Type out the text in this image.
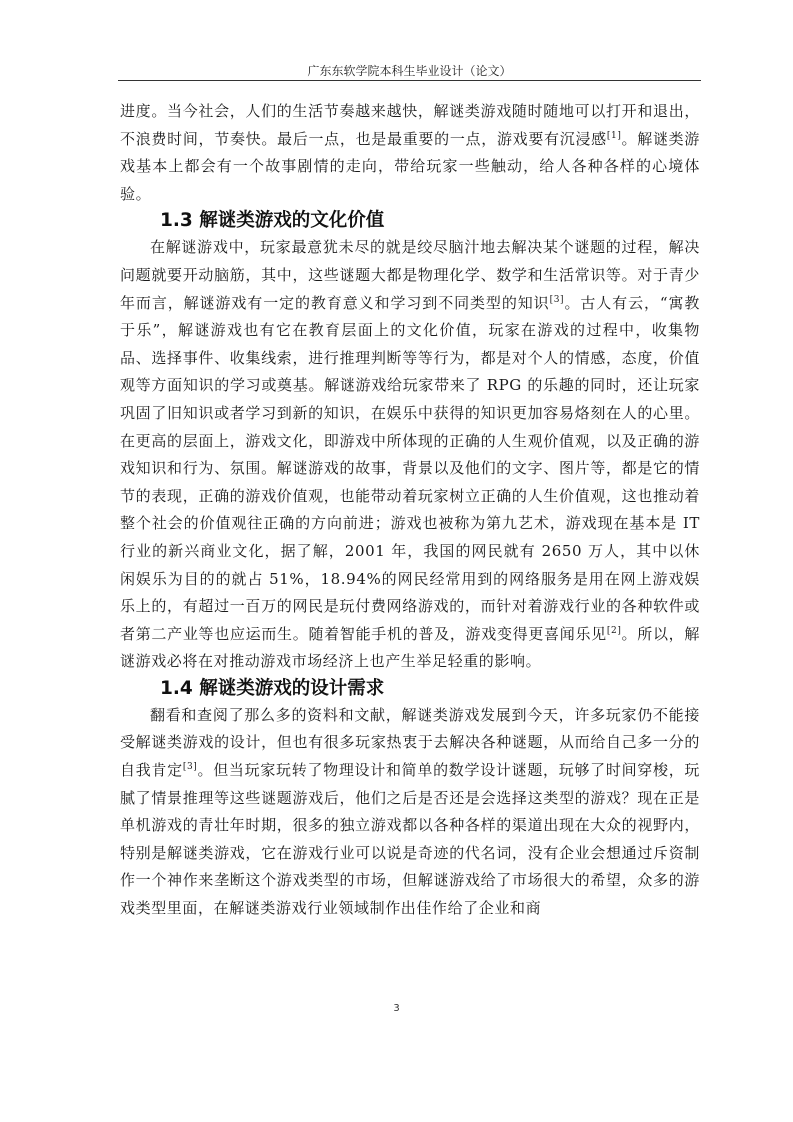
广东东软学院本科生毕业设计（论文）

进度。当今社会，人们的生活节奏越来越快，解谜类游戏随时随地可以打开和退出，不浪费时间，节奏快。最后一点，也是最重要的一点，游戏要有沉浸感[1]。解谜类游戏基本上都会有一个故事剧情的走向，带给玩家一些触动，给人各种各样的心境体验。

1.3 解谜类游戏的文化价值

在解谜游戏中，玩家最意犹未尽的就是绞尽脑汁地去解决某个谜题的过程，解决问题就要开动脑筋，其中，这些谜题大都是物理化学、数学和生活常识等。对于青少年而言，解谜游戏有一定的教育意义和学习到不同类型的知识[3]。古人有云，“寓教于乐”，解谜游戏也有它在教育层面上的文化价值，玩家在游戏的过程中，收集物品、选择事件、收集线索，进行推理判断等等行为，都是对个人的情感，态度，价值观等方面知识的学习或奠基。解谜游戏给玩家带来了 RPG 的乐趣的同时，还让玩家巩固了旧知识或者学习到新的知识，在娱乐中获得的知识更加容易烙刻在人的心里。在更高的层面上，游戏文化，即游戏中所体现的正确的人生观价值观，以及正确的游戏知识和行为、氛围。解谜游戏的故事，背景以及他们的文字、图片等，都是它的情节的表现，正确的游戏价值观，也能带动着玩家树立正确的人生价值观，这也推动着整个社会的价值观往正确的方向前进；游戏也被称为第九艺术，游戏现在基本是 IT 行业的新兴商业文化，据了解，2001 年，我国的网民就有 2650 万人，其中以休闲娱乐为目的的就占 51%，18.94%的网民经常用到的网络服务是用在网上游戏娱乐上的，有超过一百万的网民是玩付费网络游戏的，而针对着游戏行业的各种软件或者第二产业等也应运而生。随着智能手机的普及，游戏变得更喜闻乐见[2]。所以，解谜游戏必将在对推动游戏市场经济上也产生举足轻重的影响。

1.4 解谜类游戏的设计需求

翻看和查阅了那么多的资料和文献，解谜类游戏发展到今天，许多玩家仍不能接受解谜类游戏的设计，但也有很多玩家热衷于去解决各种谜题，从而给自己多一分的自我肯定[3]。但当玩家玩转了物理设计和简单的数学设计谜题，玩够了时间穿梭，玩腻了情景推理等这些谜题游戏后，他们之后是否还是会选择这类型的游戏？现在正是单机游戏的青壮年时期，很多的独立游戏都以各种各样的渠道出现在大众的视野内，特别是解谜类游戏，它在游戏行业可以说是奇迹的代名词，没有企业会想通过斥资制作一个神作来垄断这个游戏类型的市场，但解谜游戏给了市场很大的希望，众多的游戏类型里面，在解谜类游戏行业领域制作出佳作给了企业和商

3
